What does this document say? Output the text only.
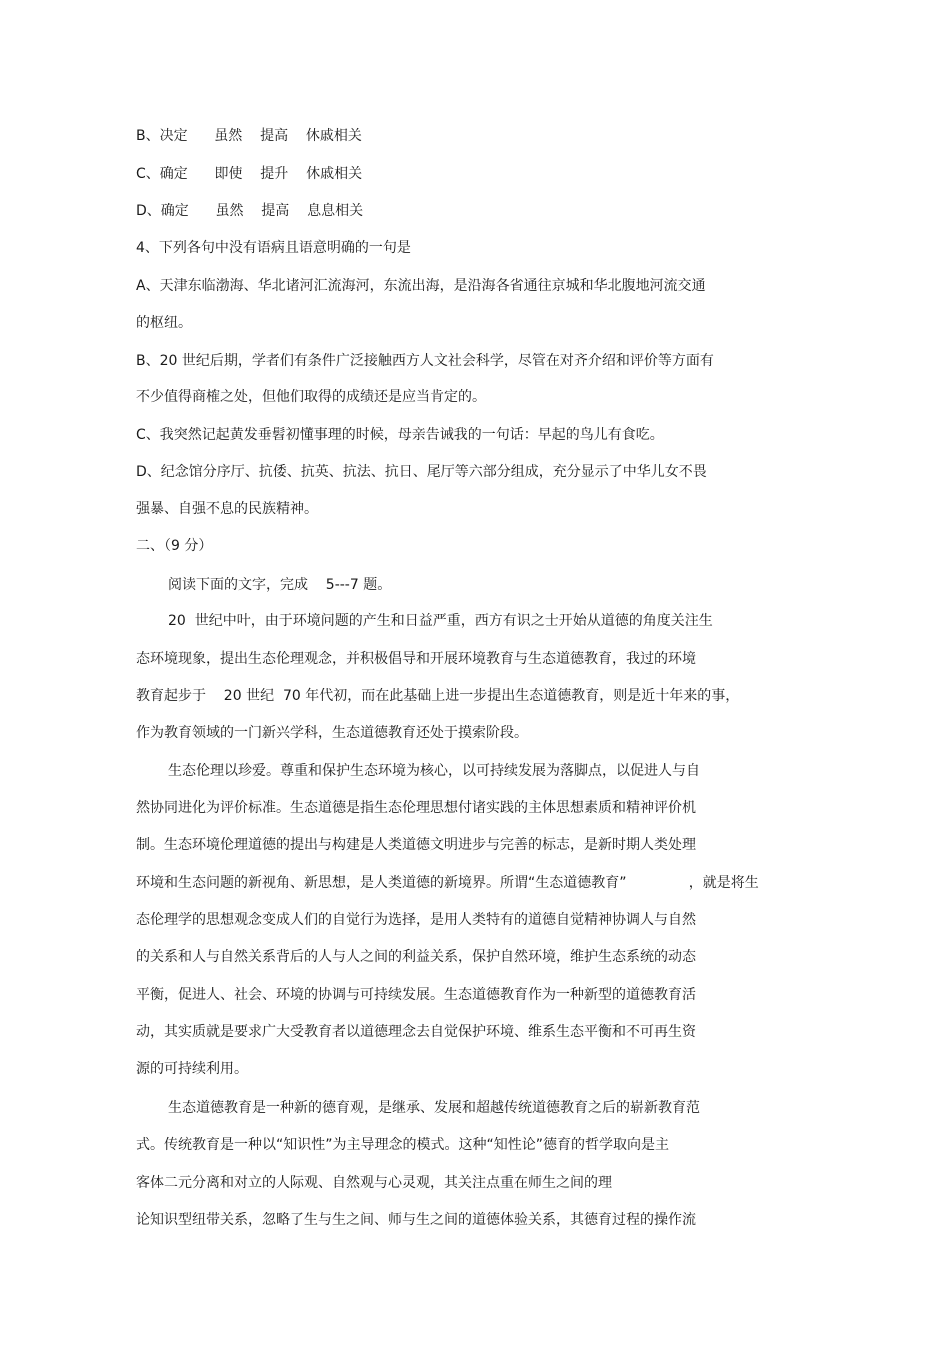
B、决定      虽然    提高    休戚相关
C、确定      即使    提升    休戚相关
D、确定      虽然    提高    息息相关
4、下列各句中没有语病且语意明确的一句是
A、天津东临渤海、华北诸河汇流海河，东流出海，是沿海各省通往京城和华北腹地河流交通
的枢纽。
B、20 世纪后期，学者们有条件广泛接触西方人文社会科学，尽管在对齐介绍和评价等方面有
不少值得商榷之处，但他们取得的成绩还是应当肯定的。
C、我突然记起黄发垂髫初懂事理的时候，母亲告诫我的一句话：早起的鸟儿有食吃。
D、纪念馆分序厅、抗倭、抗英、抗法、抗日、尾厅等六部分组成，充分显示了中华儿女不畏
强暴、自强不息的民族精神。
二、（9 分）
阅读下面的文字，完成    5---7 题。
20  世纪中叶，由于环境问题的产生和日益严重，西方有识之士开始从道德的角度关注生
态环境现象，提出生态伦理观念，并积极倡导和开展环境教育与生态道德教育，我过的环境
教育起步于    20 世纪  70 年代初，而在此基础上进一步提出生态道德教育，则是近十年来的事，
作为教育领域的一门新兴学科，生态道德教育还处于摸索阶段。
生态伦理以珍爱。尊重和保护生态环境为核心，以可持续发展为落脚点，以促进人与自
然协同进化为评价标准。生态道德是指生态伦理思想付诸实践的主体思想素质和精神评价机
制。生态环境伦理道德的提出与构建是人类道德文明进步与完善的标志，是新时期人类处理
环境和生态问题的新视角、新思想，是人类道德的新境界。所谓“生态道德教育”              ，就是将生
态伦理学的思想观念变成人们的自觉行为选择，是用人类特有的道德自觉精神协调人与自然
的关系和人与自然关系背后的人与人之间的利益关系，保护自然环境，维护生态系统的动态
平衡，促进人、社会、环境的协调与可持续发展。生态道德教育作为一种新型的道德教育活
动，其实质就是要求广大受教育者以道德理念去自觉保护环境、维系生态平衡和不可再生资
源的可持续利用。
生态道德教育是一种新的德育观，是继承、发展和超越传统道德教育之后的崭新教育范
式。传统教育是一种以“知识性”为主导理念的模式。这种“知性论”德育的哲学取向是主
客体二元分离和对立的人际观、自然观与心灵观，其关注点重在师生之间的理
论知识型纽带关系，忽略了生与生之间、师与生之间的道德体验关系，其德育过程的操作流
